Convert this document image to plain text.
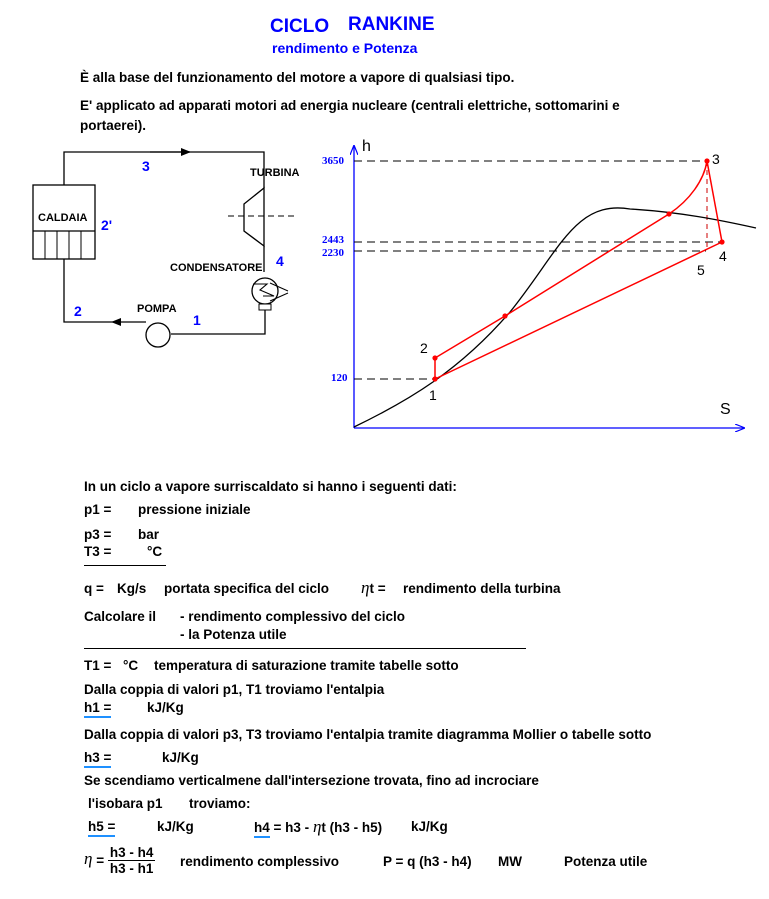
CICLO RANKINE
rendimento e Potenza
È alla base del funzionamento del motore a vapore di qualsiasi tipo.
E' applicato ad apparati motori ad energia nucleare (centrali elettriche, sottomarini e
portaerei).
CALDAIA
TURBINA
CONDENSATORE
POMPA
3
2'
4
2
1
h
S
3650
2443
2230
120
1
2
3
4
5
In un ciclo a vapore surriscaldato si hanno i seguenti dati:
p1 = pressione iniziale
p3 = bar
T3 =	°C
q = Kg/s portata specifica del ciclo ηt = rendimento della turbina
Calcolare il - rendimento complessivo del ciclo
- la Potenza utile
T1 = °C temperatura di saturazione tramite tabelle sotto
Dalla coppia di valori p1, T1 troviamo l'entalpia
h1 =	kJ/Kg
Dalla coppia di valori p3, T3 troviamo l'entalpia tramite diagramma Mollier o tabelle sotto
h3 =	kJ/Kg
Se scendiamo verticalmene dall'intersezione trovata, fino ad incrociare
l'isobara p1 troviamo:
h5 =	kJ/Kg	h4 = h3 - ηt (h3 - h5) kJ/Kg
$\eta = \frac{h3 - h4}{h3 - h1}$ rendimento complessivo	P = q (h3 - h4) MW	Potenza utile
